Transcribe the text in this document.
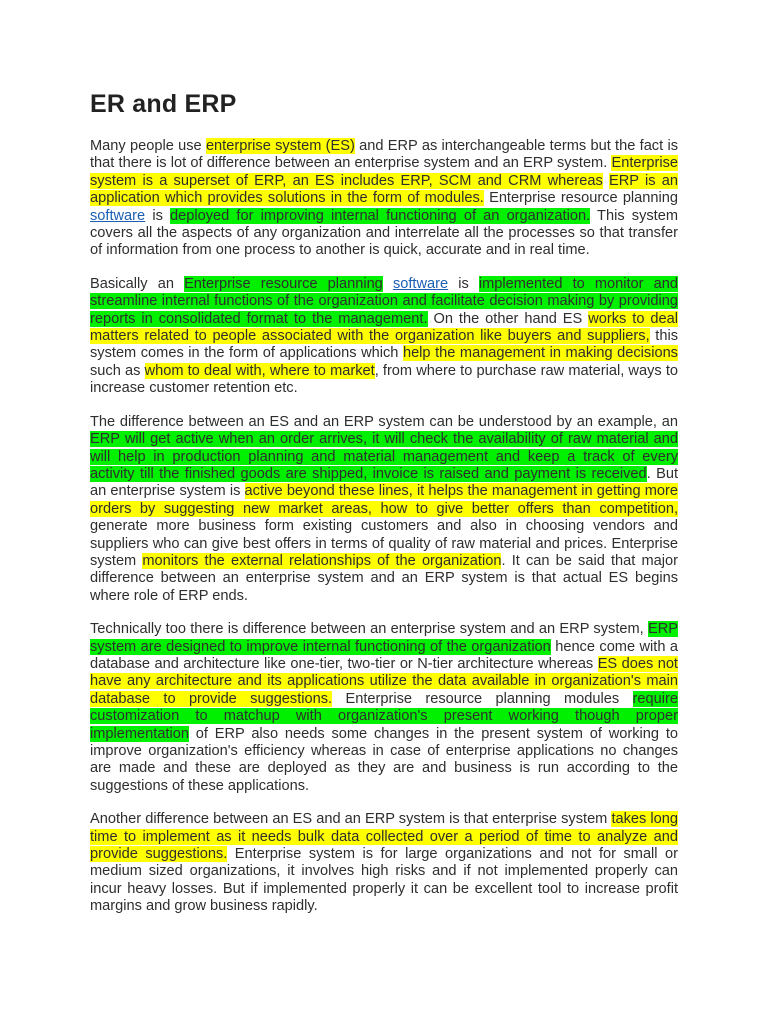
ER and ERP

Many people use enterprise system (ES) and ERP as interchangeable terms but the fact is that there is lot of difference between an enterprise system and an ERP system. Enterprise system is a superset of ERP, an ES includes ERP, SCM and CRM whereas ERP is an application which provides solutions in the form of modules. Enterprise resource planning software is deployed for improving internal functioning of an organization. This system covers all the aspects of any organization and interrelate all the processes so that transfer of information from one process to another is quick, accurate and in real time.

Basically an Enterprise resource planning software is implemented to monitor and streamline internal functions of the organization and facilitate decision making by providing reports in consolidated format to the management. On the other hand ES works to deal matters related to people associated with the organization like buyers and suppliers, this system comes in the form of applications which help the management in making decisions such as whom to deal with, where to market, from where to purchase raw material, ways to increase customer retention etc.

The difference between an ES and an ERP system can be understood by an example, an ERP will get active when an order arrives, it will check the availability of raw material and will help in production planning and material management and keep a track of every activity till the finished goods are shipped, invoice is raised and payment is received. But an enterprise system is active beyond these lines, it helps the management in getting more orders by suggesting new market areas, how to give better offers than competition, generate more business form existing customers and also in choosing vendors and suppliers who can give best offers in terms of quality of raw material and prices. Enterprise system monitors the external relationships of the organization. It can be said that major difference between an enterprise system and an ERP system is that actual ES begins where role of ERP ends.

Technically too there is difference between an enterprise system and an ERP system, ERP system are designed to improve internal functioning of the organization hence come with a database and architecture like one-tier, two-tier or N-tier architecture whereas ES does not have any architecture and its applications utilize the data available in organization's main database to provide suggestions. Enterprise resource planning modules require customization to matchup with organization's present working though proper implementation of ERP also needs some changes in the present system of working to improve organization's efficiency whereas in case of enterprise applications no changes are made and these are deployed as they are and business is run according to the suggestions of these applications.

Another difference between an ES and an ERP system is that enterprise system takes long time to implement as it needs bulk data collected over a period of time to analyze and provide suggestions. Enterprise system is for large organizations and not for small or medium sized organizations, it involves high risks and if not implemented properly can incur heavy losses. But if implemented properly it can be excellent tool to increase profit margins and grow business rapidly.
